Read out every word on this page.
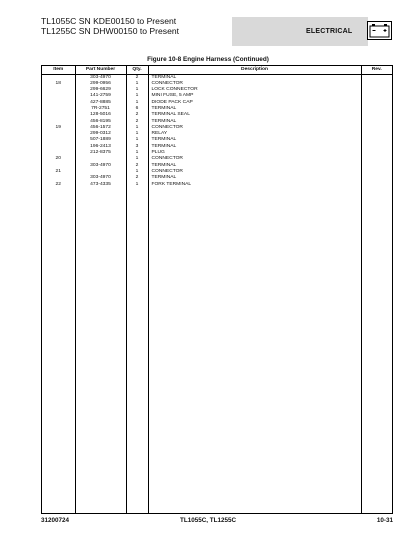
TL1055C SN KDE00150 to Present
TL1255C SN DHW00150 to Present	ELECTRICAL
Figure 10-8 Engine Harness (Continued)
Item	Part Number	Qty.	Description	Rev.
	303-4970	2	TERMINAL	
18	299-0956	1	CONNECTOR	
	299-6629	1	LOCK CONNECTOR	
	141-2759	1	MINI FUSE, 5 AMP	
	427-8885	1	DIODE PACK CAP	
	7R-2751	6	TERMINAL	
	128-5016	2	TERMINAL SEAL	
	456-8195	2	TERMINAL	
19	456-1572	1	CONNECTOR	
	299-0312	1	RELAY	
	507-1889	1	TERMINAL	
	196-2413	3	TERMINAL	
	212-8375	1	PLUG	
20		1	CONNECTOR	
	303-4970	2	TERMINAL	
21		1	CONNECTOR	
	303-4970	2	TERMINAL	
22	473-4335	1	FORK TERMINAL	
31200724	TL1055C, TL1255C	10-31
